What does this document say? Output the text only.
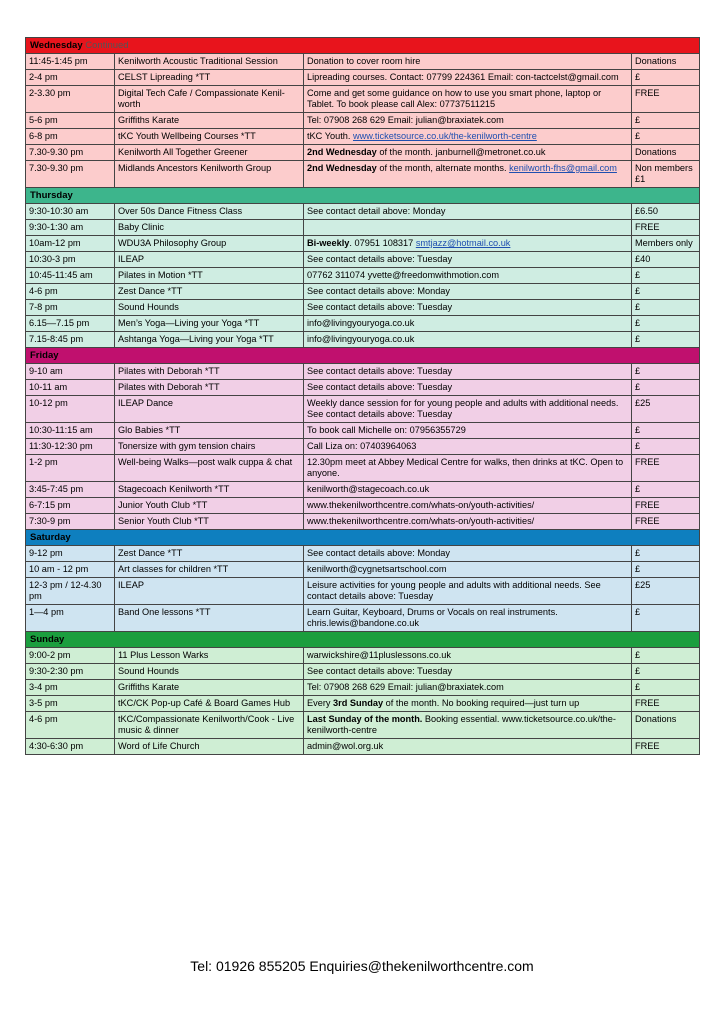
Wednesday Continued			
11:45-1:45 pm	Kenilworth Acoustic Traditional Session	Donation to cover room hire	Donations
2-4 pm	CELST Lipreading *TT	Lipreading courses. Contact: 07799 224361 Email: con-tactcelst@gmail.com	£
2-3.30 pm	Digital Tech Cafe / Compassionate Kenil-worth	Come and get some guidance on how to use you smart phone, laptop or Tablet. To book please call Alex: 07737511215	FREE
5-6 pm	Griffiths Karate	Tel: 07908 268 629 Email: julian@braxiatek.com	£
6-8 pm	tKC Youth Wellbeing Courses *TT	tKC Youth. www.ticketsource.co.uk/the-kenilworth-centre	£
7.30-9.30 pm	Kenilworth All Together Greener	2nd Wednesday of the month. janburnell@metronet.co.uk	Donations
7.30-9.30 pm	Midlands Ancestors Kenilworth Group	2nd Wednesday of the month, alternate months. kenilworth-fhs@gmail.com	Non members £1
Thursday			
9:30-10:30 am	Over 50s Dance Fitness Class	See contact detail above: Monday	£6.50
9:30-1:30 am	Baby Clinic		FREE
10am-12 pm	WDU3A Philosophy Group	Bi-weekly. 07951 108317 smtjazz@hotmail.co.uk	Members only
10:30-3 pm	ILEAP	See contact details above: Tuesday	£40
10:45-11:45 am	Pilates in Motion *TT	07762 311074 yvette@freedomwithmotion.com	£
4-6 pm	Zest Dance *TT	See contact details above: Monday	£
7-8 pm	Sound Hounds	See contact details above: Tuesday	£
6.15—7.15 pm	Men’s Yoga—Living your Yoga *TT	info@livingyouryoga.co.uk	£
7.15-8:45 pm	Ashtanga Yoga—Living your Yoga *TT	info@livingyouryoga.co.uk	£
Friday			
9-10 am	Pilates with Deborah *TT	See contact details above: Tuesday	£
10-11 am	Pilates with Deborah *TT	See contact details above: Tuesday	£
10-12 pm	ILEAP Dance	Weekly dance session for for young people and adults with additional needs. See contact details above: Tuesday	£25
10:30-11:15 am	Glo Babies *TT	To book call Michelle on: 07956355729	£
11:30-12:30 pm	Tonersize with gym tension chairs	Call Liza on: 07403964063	£
1-2 pm	Well-being Walks—post walk cuppa & chat	12.30pm meet at Abbey Medical Centre for walks, then drinks at tKC. Open to anyone.	FREE
3:45-7:45 pm	Stagecoach Kenilworth *TT	kenilworth@stagecoach.co.uk	£
6-7:15 pm	Junior Youth Club *TT	www.thekenilworthcentre.com/whats-on/youth-activities/	FREE
7:30-9 pm	Senior Youth Club *TT	www.thekenilworthcentre.com/whats-on/youth-activities/	FREE
Saturday			
9-12 pm	Zest Dance *TT	See contact details above: Monday	£
10 am - 12 pm	Art classes for children *TT	kenilworth@cygnetsartschool.com	£
12-3 pm / 12-4.30 pm	ILEAP	Leisure activities for young people and adults with additional needs. See contact details above: Tuesday	£25
1—4 pm	Band One lessons *TT	Learn Guitar, Keyboard, Drums or Vocals on real instruments. chris.lewis@bandone.co.uk	£
Sunday			
9:00-2 pm	11 Plus Lesson Warks	warwickshire@11pluslessons.co.uk	£
9:30-2:30 pm	Sound Hounds	See contact details above: Tuesday	£
3-4 pm	Griffiths Karate	Tel: 07908 268 629 Email: julian@braxiatek.com	£
3-5 pm	tKC/CK Pop-up Café & Board Games Hub	Every 3rd Sunday of the month. No booking required—just turn up	FREE
4-6 pm	tKC/Compassionate Kenilworth/Cook - Live music & dinner	Last Sunday of the month. Booking essential. www.ticketsource.co.uk/the-kenilworth-centre	Donations
4:30-6:30 pm	Word of Life Church	admin@wol.org.uk	FREE
Tel: 01926 855205 Enquiries@thekenilworthcentre.com
